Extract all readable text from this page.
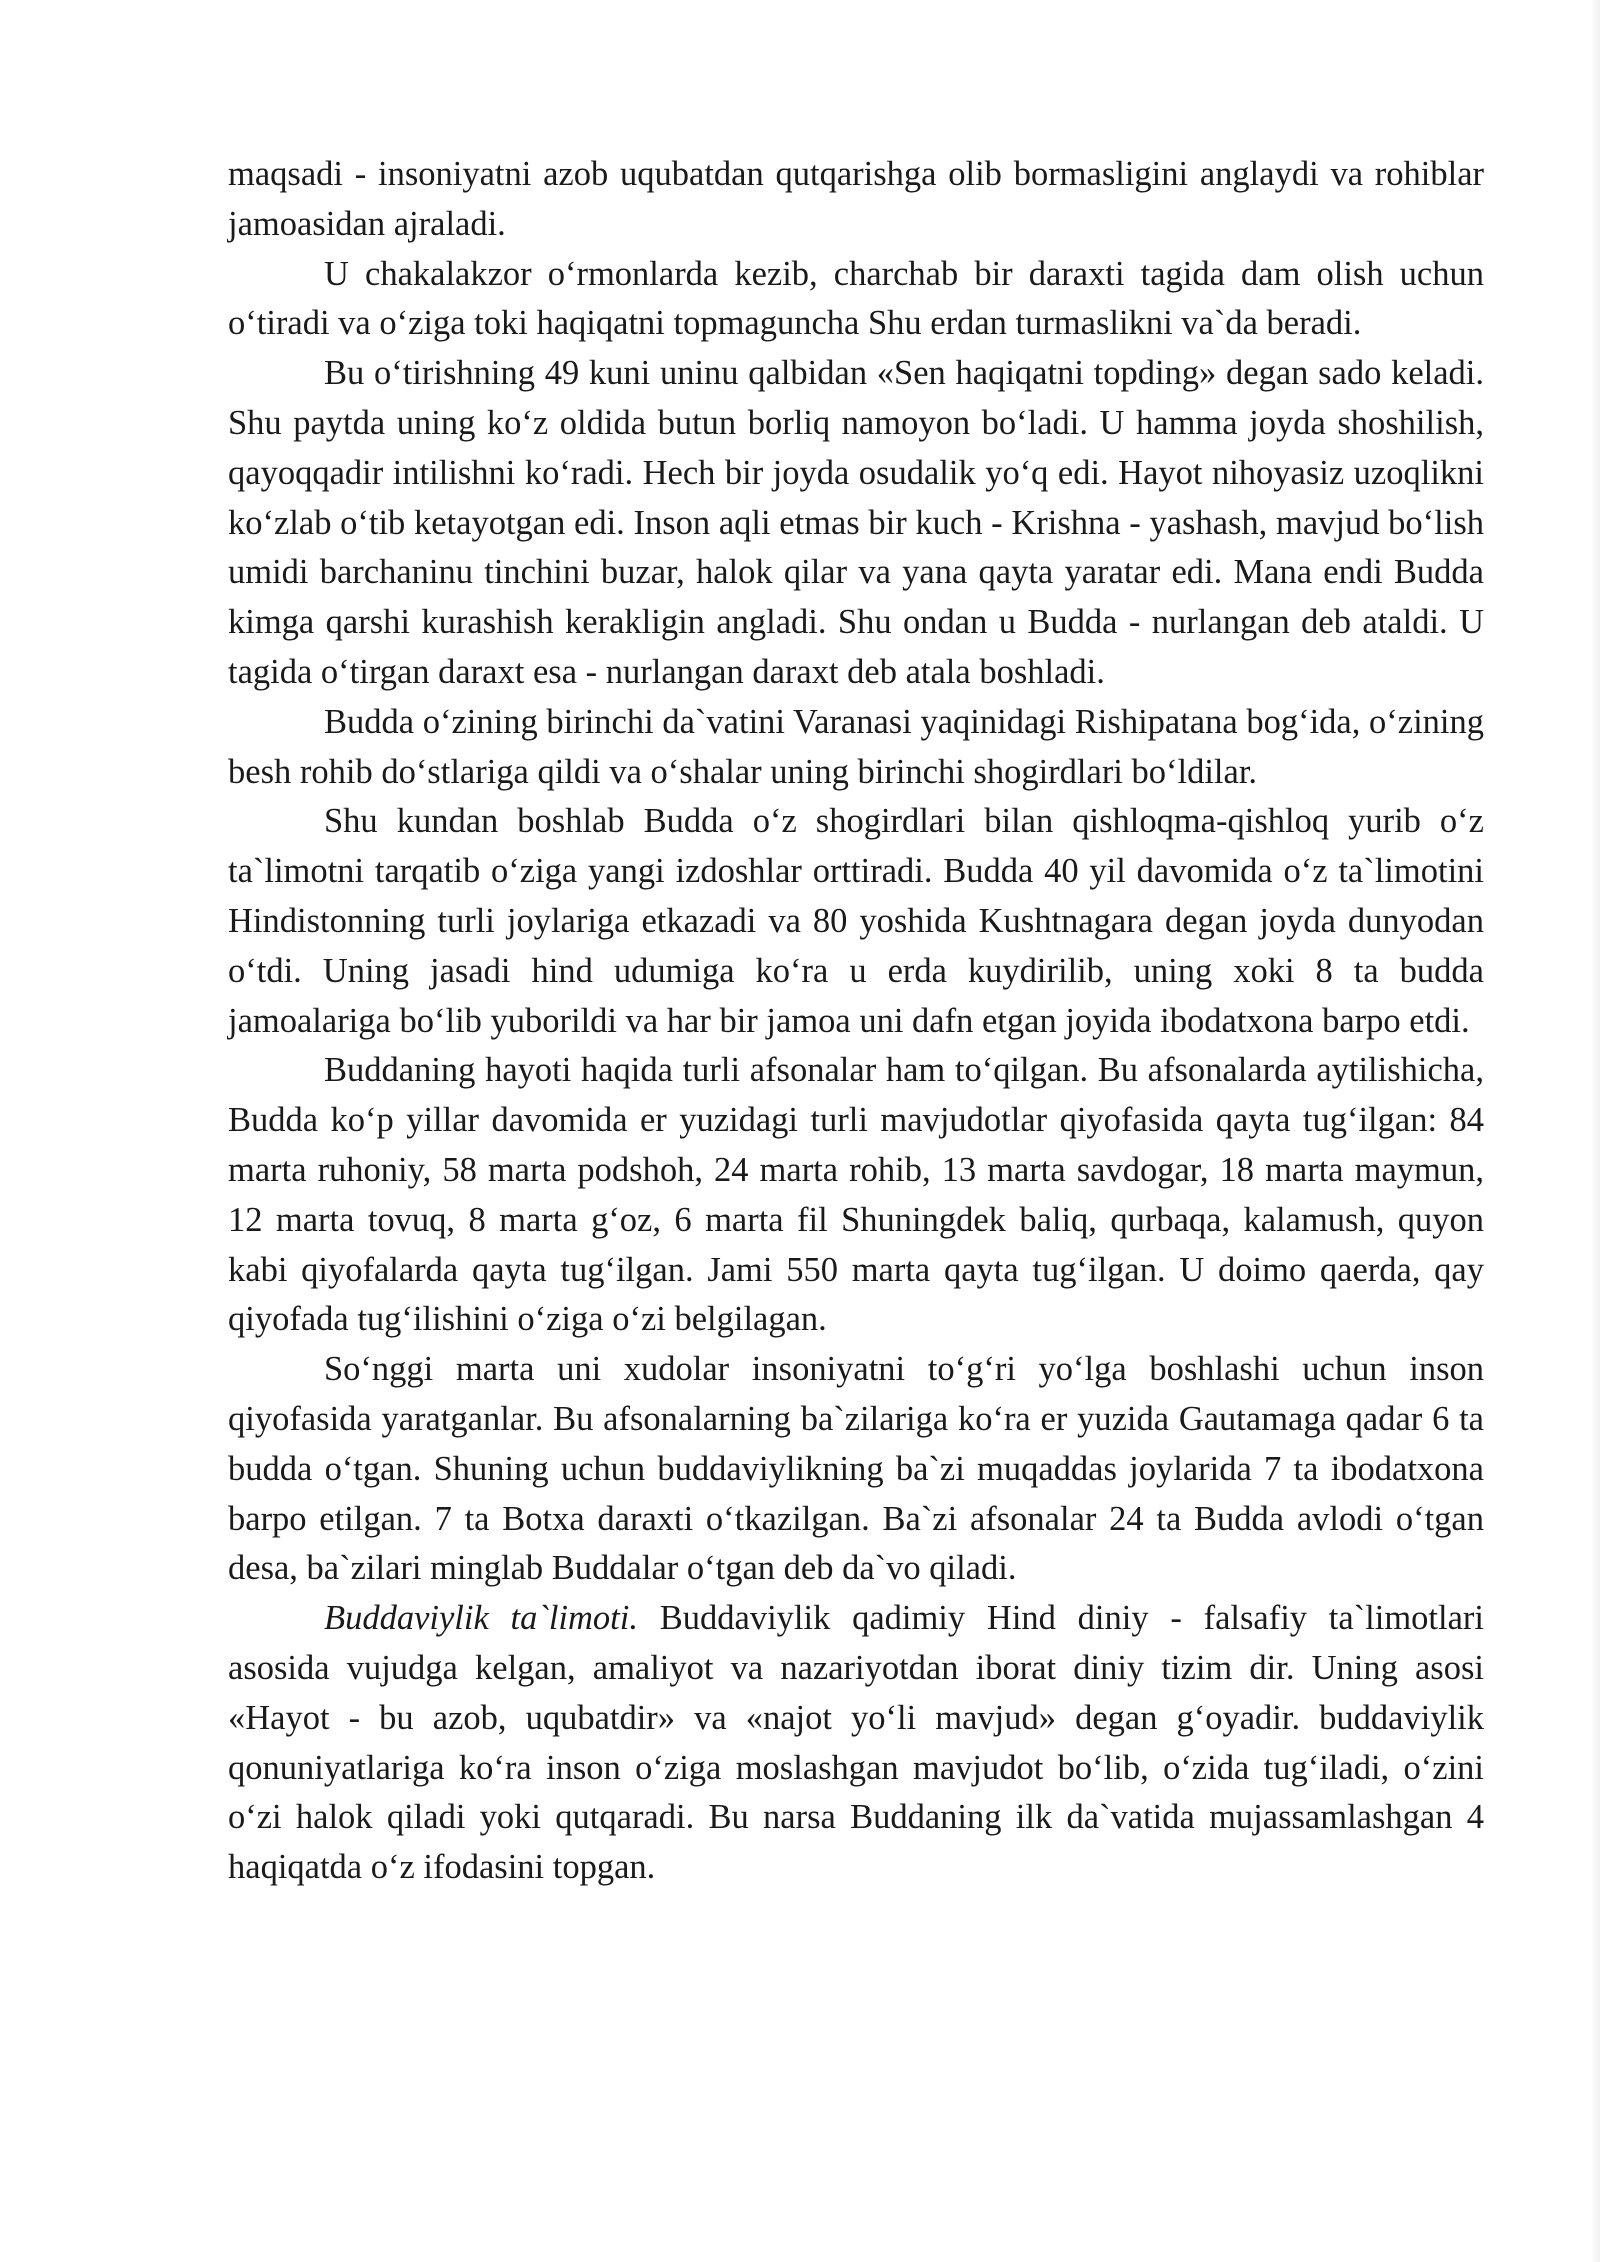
maqsadi - insoniyatni azob uqubatdan qutqarishga olib bormasligini anglaydi va rohiblar jamoasidan ajraladi.

U chakalakzor oʻrmonlarda kezib, charchab bir daraxti tagida dam olish uchun oʻtiradi va oʻziga toki haqiqatni topmaguncha Shu erdan turmaslikni va`da beradi.

Bu oʻtirishning 49 kuni uninu qalbidan «Sen haqiqatni topding» degan sado keladi. Shu paytda uning koʻz oldida butun borliq namoyon boʻladi. U hamma joyda shoshilish, qayoqqadir intilishni koʻradi. Hech bir joyda osudalik yoʻq edi. Hayot nihoyasiz uzoqlikni koʻzlab oʻtib ketayotgan edi. Inson aqli etmas bir kuch - Krishna - yashash, mavjud boʻlish umidi barchaninu tinchini buzar, halok qilar va yana qayta yaratar edi. Mana endi Budda kimga qarshi kurashish kerakligin angladi. Shu ondan u Budda - nurlangan deb ataldi. U tagida oʻtirgan daraxt esa - nurlangan daraxt deb atala boshladi.

Budda oʻzining birinchi da`vatini Varanasi yaqinidagi Rishipatana bogʻida, oʻzining besh rohib doʻstlariga qildi va oʻshalar uning birinchi shogirdlari boʻldilar.

Shu kundan boshlab Budda oʻz shogirdlari bilan qishloqma-qishloq yurib oʻz ta`limotni tarqatib oʻziga yangi izdoshlar orttiradi. Budda 40 yil davomida oʻz ta`limotini Hindistonning turli joylariga etkazadi va 80 yoshida Kushtnagara degan joyda dunyodan oʻtdi. Uning jasadi hind udumiga koʻra u erda kuydirilib, uning xoki 8 ta budda jamoalariga boʻlib yuborildi va har bir jamoa uni dafn etgan joyida ibodatxona barpo etdi.

Buddaning hayoti haqida turli afsonalar ham toʻqilgan. Bu afsonalarda aytilishicha, Budda koʻp yillar davomida er yuzidagi turli mavjudotlar qiyofasida qayta tugʻilgan: 84 marta ruhoniy, 58 marta podshoh, 24 marta rohib, 13 marta savdogar, 18 marta maymun, 12 marta tovuq, 8 marta gʻoz, 6 marta fil Shuningdek baliq, qurbaqa, kalamush, quyon kabi qiyofalarda qayta tugʻilgan. Jami 550 marta qayta tugʻilgan. U doimo qaerda, qay qiyofada tugʻilishini oʻziga oʻzi belgilagan.

Soʻnggi marta uni xudolar insoniyatni toʻgʻri yoʻlga boshlashi uchun inson qiyofasida yaratganlar. Bu afsonalarning ba`zilariga koʻra er yuzida Gautamaga qadar 6 ta budda oʻtgan. Shuning uchun buddaviylikning ba`zi muqaddas joylarida 7 ta ibodatxona barpo etilgan. 7 ta Botxa daraxti oʻtkazilgan. Ba`zi afsonalar 24 ta Budda avlodi oʻtgan desa, ba`zilari minglab Buddalar oʻtgan deb da`vo qiladi.

Buddaviylik ta`limoti. Buddaviylik qadimiy Hind diniy - falsafiy ta`limotlari asosida vujudga kelgan, amaliyot va nazariyotdan iborat diniy tizim dir. Uning asosi «Hayot - bu azob, uqubatdir» va «najot yoʻli mavjud» degan gʻoyadir. buddaviylik qonuniyatlariga koʻra inson oʻziga moslashgan mavjudot boʻlib, oʻzida tugʻiladi, oʻzini oʻzi halok qiladi yoki qutqaradi. Bu narsa Buddaning ilk da`vatida mujassamlashgan 4 haqiqatda oʻz ifodasini topgan.
